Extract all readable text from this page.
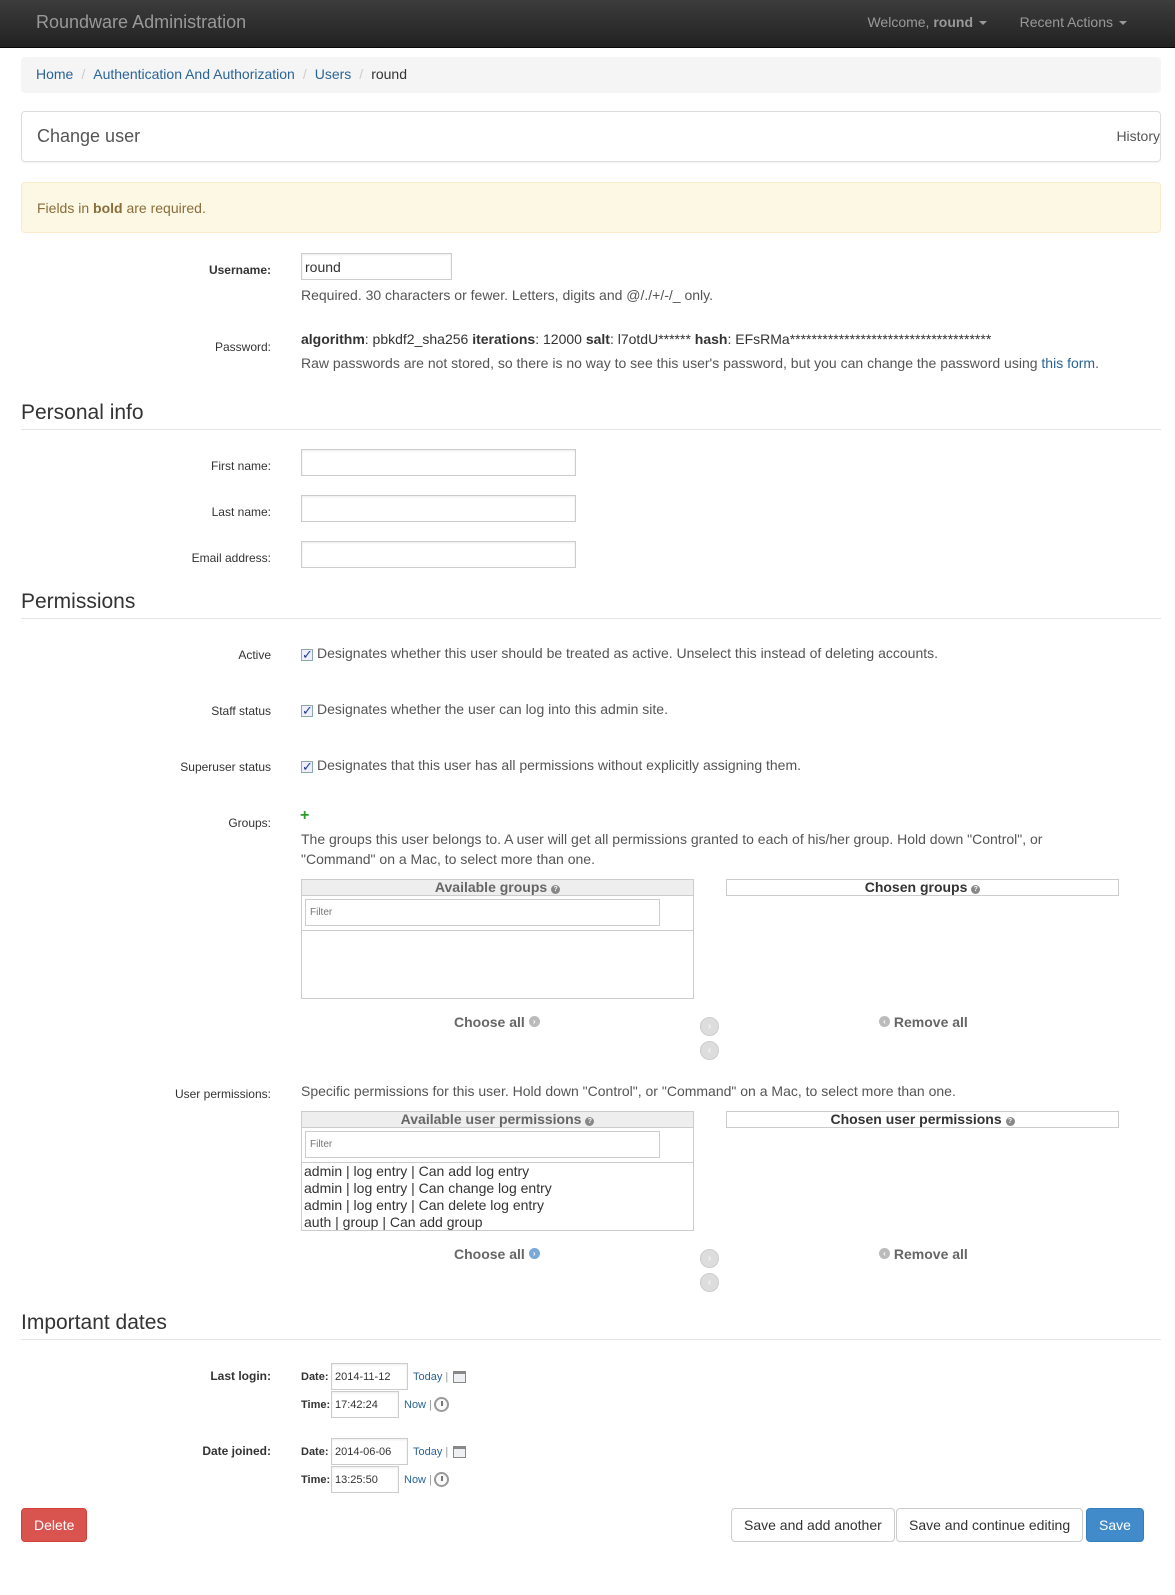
Roundware Administration	Welcome, round	Recent Actions
Home / Authentication And Authorization / Users / round
Change user	History
Fields in bold are required.
Username:
round
Required. 30 characters or fewer. Letters, digits and @/./+/-/_ only.
Password: algorithm: pbkdf2_sha256 iterations: 12000 salt: l7otdU****** hash: EFsRMa*************************************
Raw passwords are not stored, so there is no way to see this user's password, but you can change the password using this form.
Personal info
First name:
Last name:
Email address:
Permissions
Active ✓ Designates whether this user should be treated as active. Unselect this instead of deleting accounts.
Staff status ✓ Designates whether the user can log into this admin site.
Superuser status ✓ Designates that this user has all permissions without explicitly assigning them.
Groups: +
The groups this user belongs to. A user will get all permissions granted to each of his/her group. Hold down "Control", or
"Command" on a Mac, to select more than one.
Available groups ?
Filter	Chosen groups ?
Choose all ›	›
‹
‹ Remove all
User permissions: Specific permissions for this user. Hold down "Control", or "Command" on a Mac, to select more than one.
Available user permissions ?
Filter
admin | log entry | Can add log entry
admin | log entry | Can change log entry
admin | log entry | Can delete log entry
auth | group | Can add group
Chosen user permissions ?
Choose all ›	›
‹
‹ Remove all
Important dates
Last login:	Date:
2014-11-12	Today |
Time:
17:42:24	Now |
Date joined:	Date:
2014-06-06	Today |
Time:
13:25:50	Now |
Delete	Save and add another	Save and continue editing	Save
